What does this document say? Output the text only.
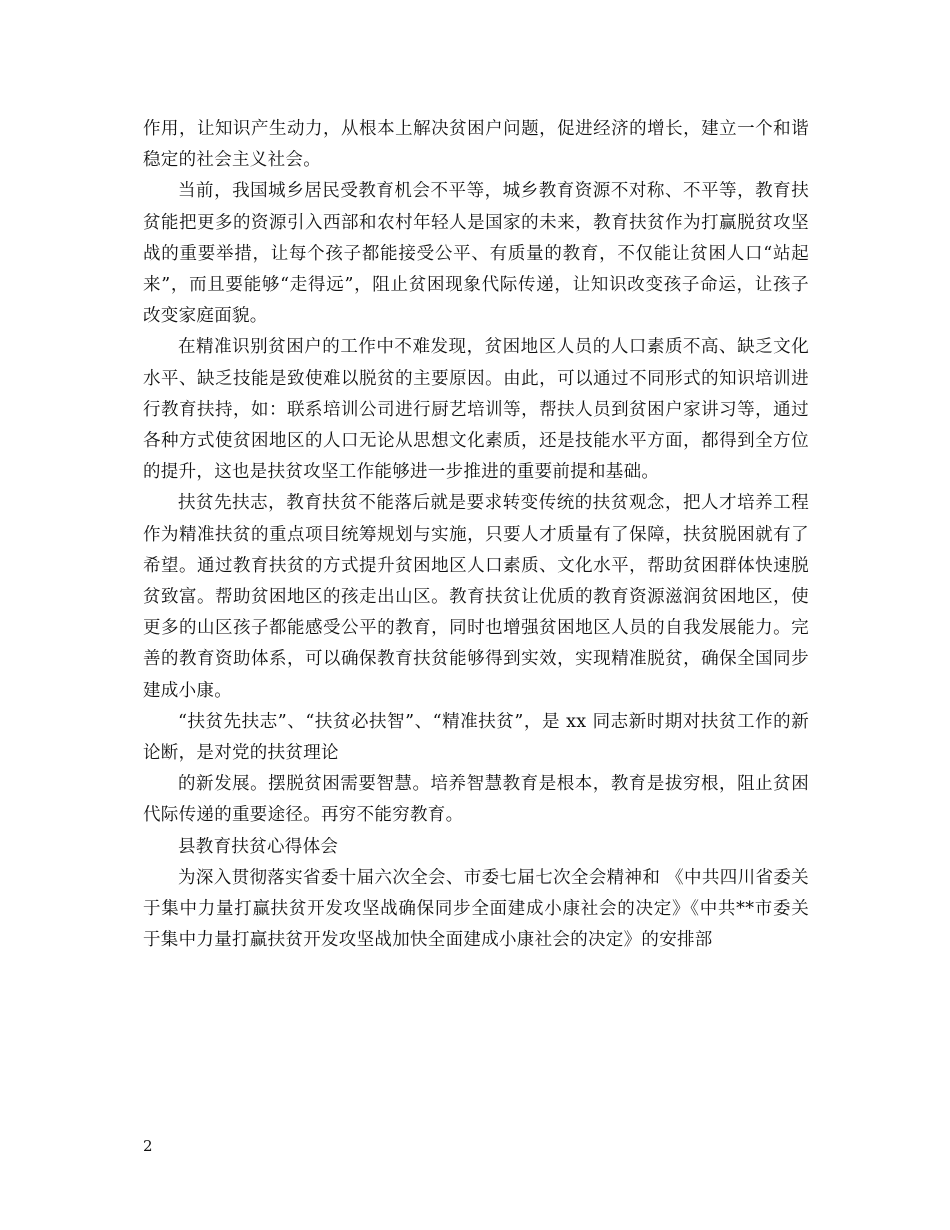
作用，让知识产生动力，从根本上解决贫困户问题，促进经济的增长，建立一个和谐稳定的社会主义社会。

当前，我国城乡居民受教育机会不平等，城乡教育资源不对称、不平等，教育扶贫能把更多的资源引入西部和农村年轻人是国家的未来，教育扶贫作为打赢脱贫攻坚战的重要举措，让每个孩子都能接受公平、有质量的教育，不仅能让贫困人口“站起来”，而且要能够“走得远”，阻止贫困现象代际传递，让知识改变孩子命运，让孩子改变家庭面貌。

在精准识别贫困户的工作中不难发现，贫困地区人员的人口素质不高、缺乏文化水平、缺乏技能是致使难以脱贫的主要原因。由此，可以通过不同形式的知识培训进行教育扶持，如：联系培训公司进行厨艺培训等，帮扶人员到贫困户家讲习等，通过各种方式使贫困地区的人口无论从思想文化素质，还是技能水平方面，都得到全方位的提升，这也是扶贫攻坚工作能够进一步推进的重要前提和基础。

扶贫先扶志，教育扶贫不能落后就是要求转变传统的扶贫观念，把人才培养工程作为精准扶贫的重点项目统筹规划与实施，只要人才质量有了保障，扶贫脱困就有了希望。通过教育扶贫的方式提升贫困地区人口素质、文化水平，帮助贫困群体快速脱贫致富。帮助贫困地区的孩走出山区。教育扶贫让优质的教育资源滋润贫困地区，使更多的山区孩子都能感受公平的教育，同时也增强贫困地区人员的自我发展能力。完善的教育资助体系，可以确保教育扶贫能够得到实效，实现精准脱贫，确保全国同步建成小康。

“扶贫先扶志”、“扶贫必扶智”、“精准扶贫”，是 xx 同志新时期对扶贫工作的新论断，是对党的扶贫理论

的新发展。摆脱贫困需要智慧。培养智慧教育是根本，教育是拔穷根，阻止贫困代际传递的重要途径。再穷不能穷教育。

县教育扶贫心得体会

为深入贯彻落实省委十届六次全会、市委七届七次全会精神和 《中共四川省委关于集中力量打赢扶贫开发攻坚战确保同步全面建成小康社会的决定》《中共**市委关于集中力量打赢扶贫开发攻坚战加快全面建成小康社会的决定》的安排部

2
